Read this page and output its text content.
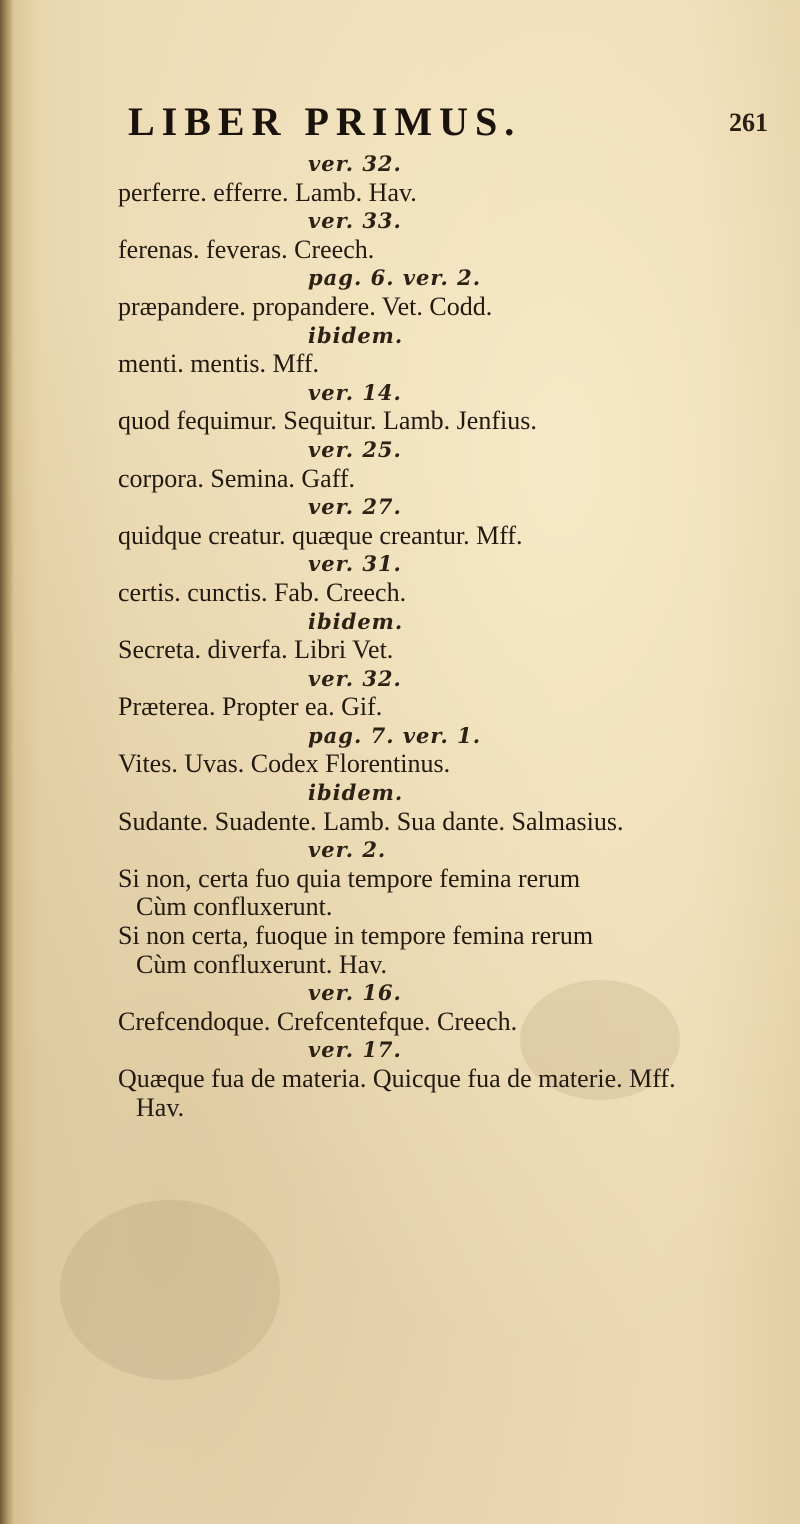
LIBER PRIMUS.	261
ver. 32.
perferre. efferre. Lamb. Hav.
ver. 33.
ferenas. feveras. Creech.
pag. 6. ver. 2.
præpandere. propandere. Vet. Codd.
ibidem.
menti. mentis. Mff.
ver. 14.
quod fequimur. Sequitur. Lamb. Jenfius.
ver. 25.
corpora. Semina. Gaff.
ver. 27.
quidque creatur. quæque creantur. Mff.
ver. 31.
certis. cunctis. Fab. Creech.
ibidem.
Secreta. diverfa. Libri Vet.
ver. 32.
Præterea. Propter ea. Gif.
pag. 7. ver. 1.
Vites. Uvas. Codex Florentinus.
ibidem.
Sudante. Suadente. Lamb. Sua dante. Salmasius.
ver. 2.
Si non, certa fuo quia tempore femina rerum
Cùm confluxerunt.
Si non certa, fuoque in tempore femina rerum
Cùm confluxerunt. Hav.
ver. 16.
Crefcendoque. Crefcentefque. Creech.
ver. 17.
Quæque fua de materia. Quicque fua de materie. Mff.
Hav.
